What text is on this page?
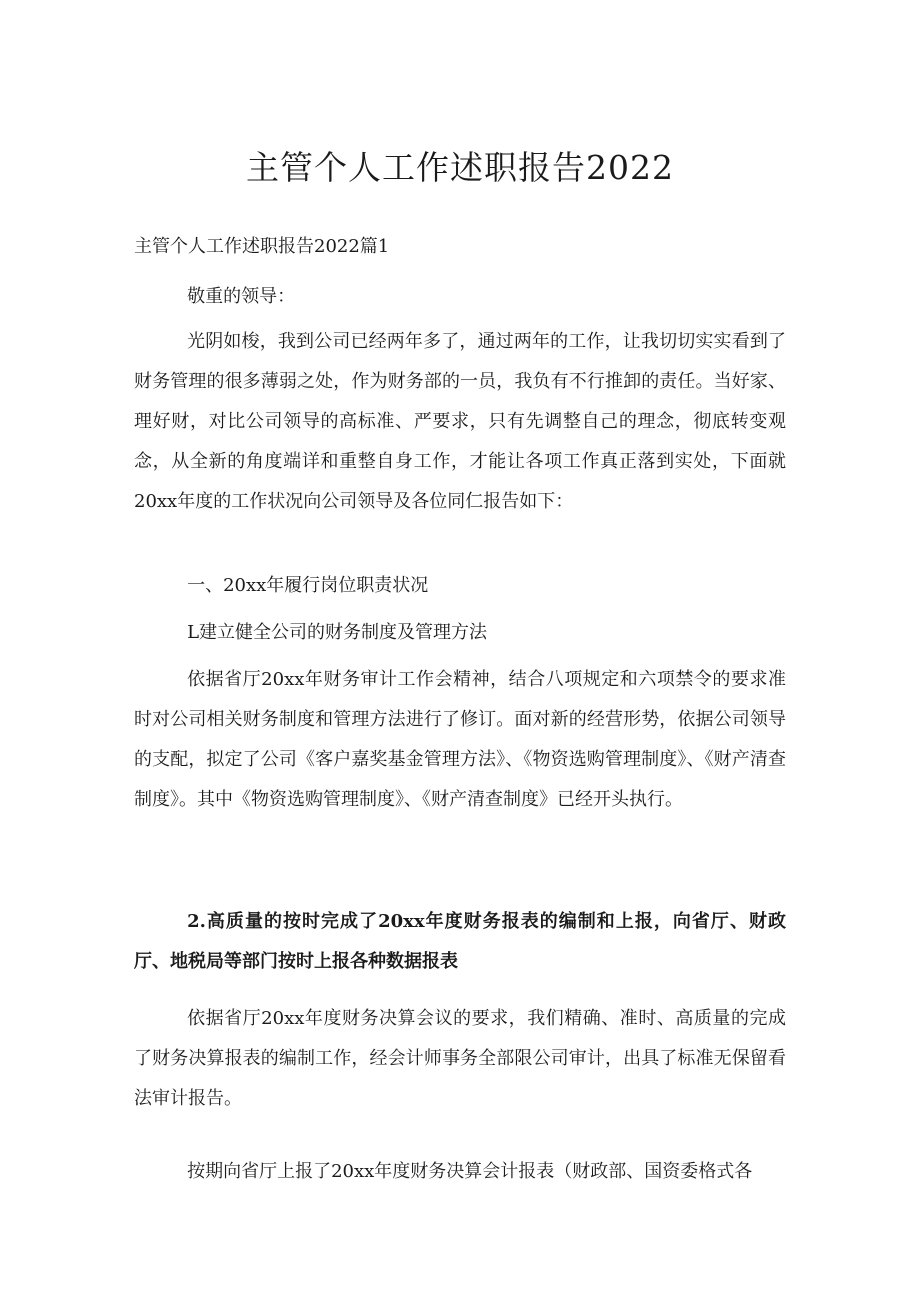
主管个人工作述职报告2022

主管个人工作述职报告2022篇1

敬重的领导：

光阴如梭，我到公司已经两年多了，通过两年的工作，让我切切实实看到了财务管理的很多薄弱之处，作为财务部的一员，我负有不行推卸的责任。当好家、理好财，对比公司领导的高标准、严要求，只有先调整自己的理念，彻底转变观念，从全新的角度端详和重整自身工作，才能让各项工作真正落到实处，下面就20xx年度的工作状况向公司领导及各位同仁报告如下：

一、20xx年履行岗位职责状况

L建立健全公司的财务制度及管理方法

依据省厅20xx年财务审计工作会精神，结合八项规定和六项禁令的要求准时对公司相关财务制度和管理方法进行了修订。面对新的经营形势，依据公司领导的支配，拟定了公司《客户嘉奖基金管理方法》、《物资选购管理制度》、《财产清查制度》。其中《物资选购管理制度》、《财产清查制度》已经开头执行。

2.高质量的按时完成了20xx年度财务报表的编制和上报，向省厅、财政厅、地税局等部门按时上报各种数据报表

依据省厅20xx年度财务决算会议的要求，我们精确、准时、高质量的完成了财务决算报表的编制工作，经会计师事务全部限公司审计，出具了标准无保留看法审计报告。

按期向省厅上报了20xx年度财务决算会计报表（财政部、国资委格式各
